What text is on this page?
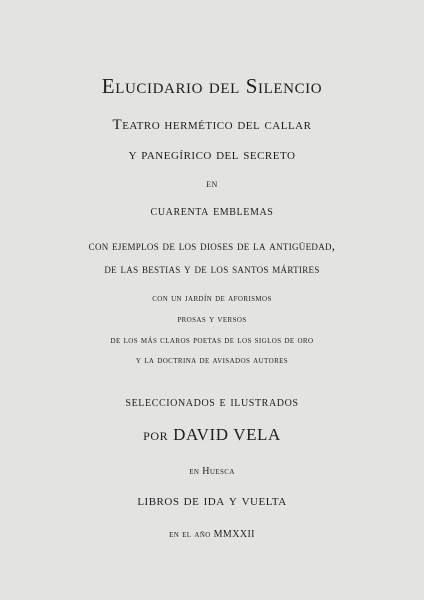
Elucidario del Silencio
Teatro hermético del callar
y panegírico del secreto
en
cuarenta emblemas
con ejemplos de los dioses de la antigüedad,
de las bestias y de los santos mártires
con un jardín de aforismos
prosas y versos
de los más claros poetas de los siglos de oro
y la doctrina de avisados autores
seleccionados e ilustrados
por DAVID VELA
en Huesca
libros de ida y vuelta
en el año MMXXII
